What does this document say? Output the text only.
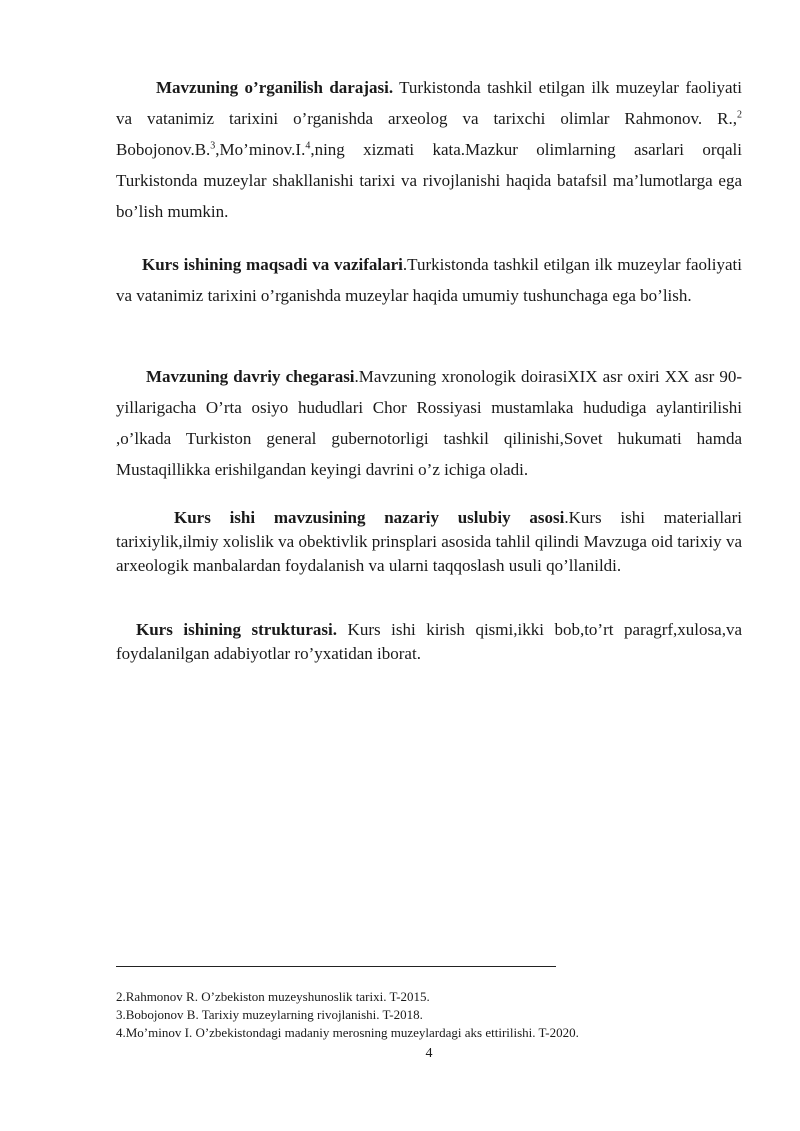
Mavzuning o’rganilish darajasi. Turkistonda tashkil etilgan ilk muzeylar faoliyati va vatanimiz tarixini o’rganishda arxeolog va tarixchi olimlar Rahmonov. R.,$^2$ Bobojonov.B.$^3$,Mo’minov.I.$^4$,ning xizmati kata.Mazkur olimlarning asarlari orqali Turkistonda muzeylar shakllanishi tarixi va rivojlanishi haqida batafsil ma’lumotlarga ega bo’lish mumkin.

Kurs ishining maqsadi va vazifalari.Turkistonda tashkil etilgan ilk muzeylar faoliyati va vatanimiz tarixini o’rganishda muzeylar haqida umumiy tushunchaga ega bo’lish.

Mavzuning davriy chegarasi.Mavzuning xronologik doirasiXIX asr oxiri XX asr 90-yillarigacha O’rta osiyo hududlari Chor Rossiyasi mustamlaka hududiga aylantirilishi ,o’lkada Turkiston general gubernotorligi tashkil qilinishi,Sovet hukumati hamda Mustaqillikka erishilgandan keyingi davrini o’z ichiga oladi.

Kurs ishi mavzusining nazariy uslubiy asosi.Kurs ishi materiallari tarixiylik,ilmiy xolislik va obektivlik prinsplari asosida tahlil qilindi Mavzuga oid tarixiy va arxeologik manbalardan foydalanish va ularni taqqoslash usuli qo’llanildi.

Kurs ishining strukturasi. Kurs ishi kirish qismi,ikki bob,to’rt paragrf,xulosa,va foydalanilgan adabiyotlar ro’yxatidan iborat.

2.Rahmonov R. O’zbekiston muzeyshunoslik tarixi. T-2015.
3.Bobojonov B. Tarixiy muzeylarning rivojlanishi. T-2018.
4.Mo’minov I. O’zbekistondagi madaniy merosning muzeylardagi aks ettirilishi. T-2020.
4
